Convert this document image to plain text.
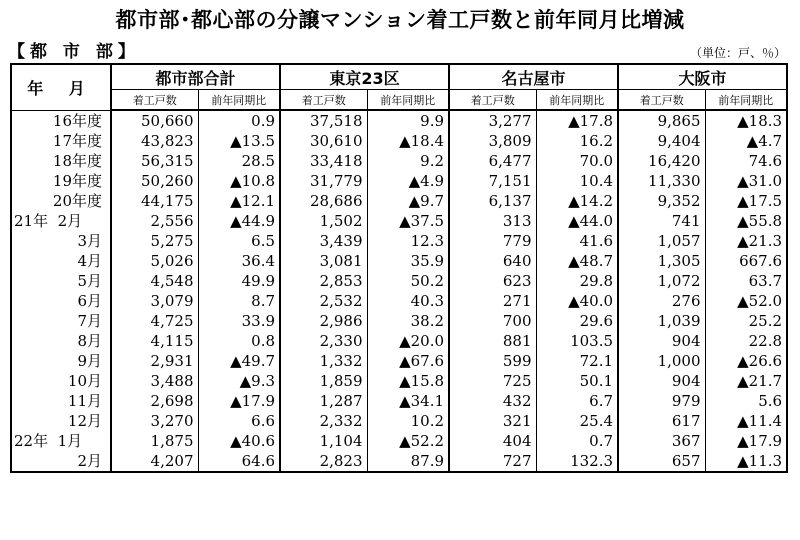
都市部･都心部の分譲マンション着工戸数と前年同月比増減
【都 市 部】	（単位：戸、％）
年 月	都市部合計		東京23区		名古屋市		大阪市	
	着工戸数	前年同期比	着工戸数	前年同期比	着工戸数	前年同期比	着工戸数	前年同期比
16年度	50,660	0.9	37,518	9.9	3,277	▲17.8	9,865	▲18.3
17年度	43,823	▲13.5	30,610	▲18.4	3,809	16.2	9,404	▲4.7
18年度	56,315	28.5	33,418	9.2	6,477	70.0	16,420	74.6
19年度	50,260	▲10.8	31,779	▲4.9	7,151	10.4	11,330	▲31.0
20年度	44,175	▲12.1	28,686	▲9.7	6,137	▲14.2	9,352	▲17.5
21年  2月	2,556	▲44.9	1,502	▲37.5	313	▲44.0	741	▲55.8
3月	5,275	6.5	3,439	12.3	779	41.6	1,057	▲21.3
4月	5,026	36.4	3,081	35.9	640	▲48.7	1,305	667.6
5月	4,548	49.9	2,853	50.2	623	29.8	1,072	63.7
6月	3,079	8.7	2,532	40.3	271	▲40.0	276	▲52.0
7月	4,725	33.9	2,986	38.2	700	29.6	1,039	25.2
8月	4,115	0.8	2,330	▲20.0	881	103.5	904	22.8
9月	2,931	▲49.7	1,332	▲67.6	599	72.1	1,000	▲26.6
10月	3,488	▲9.3	1,859	▲15.8	725	50.1	904	▲21.7
11月	2,698	▲17.9	1,287	▲34.1	432	6.7	979	5.6
12月	3,270	6.6	2,332	10.2	321	25.4	617	▲11.4
22年  1月	1,875	▲40.6	1,104	▲52.2	404	0.7	367	▲17.9
2月	4,207	64.6	2,823	87.9	727	132.3	657	▲11.3
